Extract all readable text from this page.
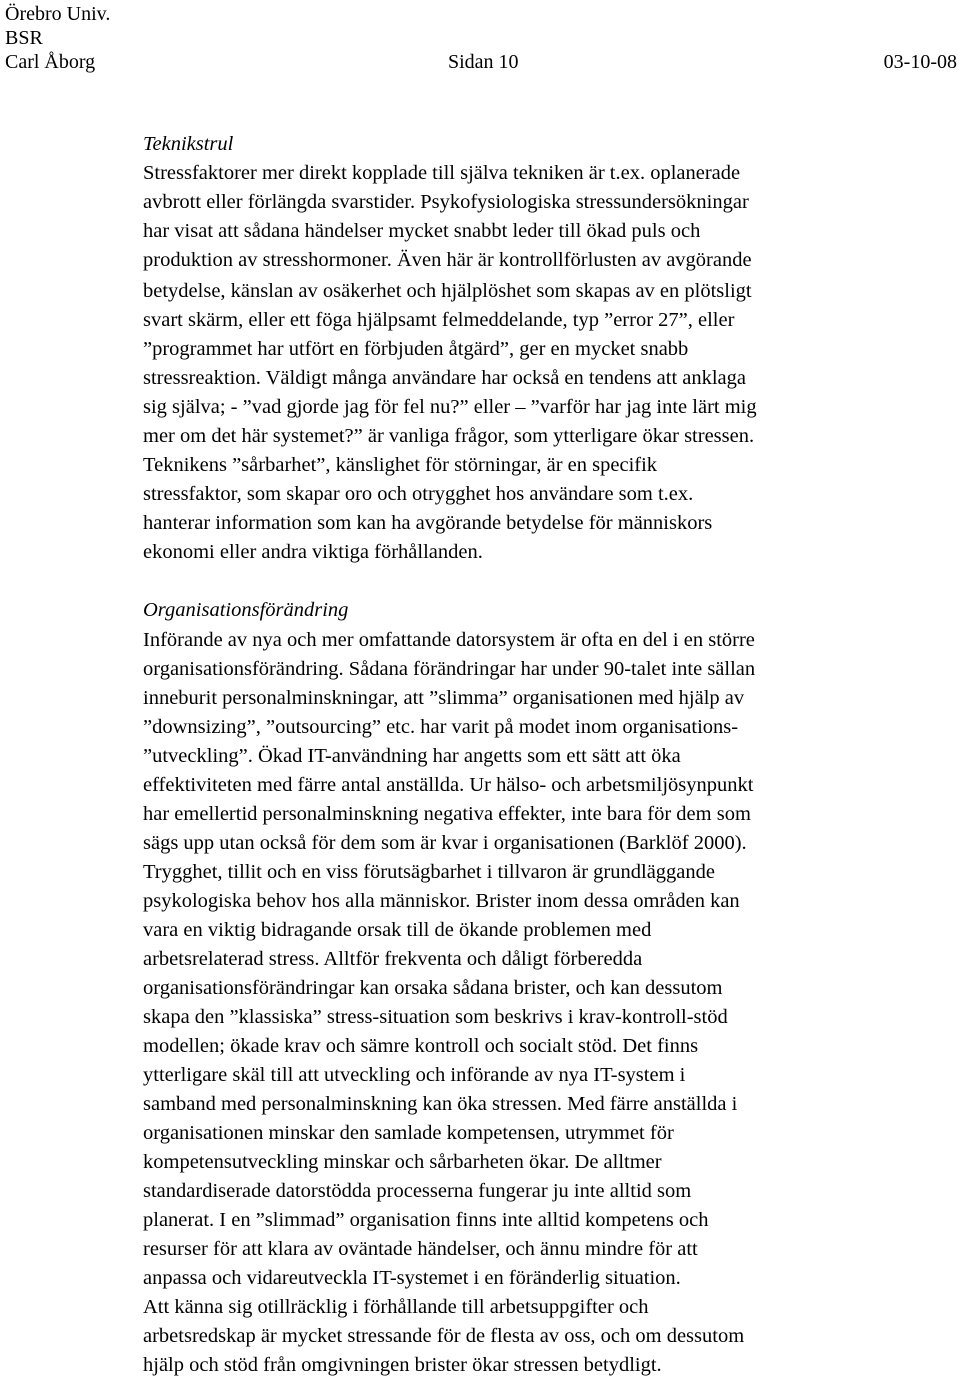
Örebro Univ.
BSR
Carl Åborg	Sidan 10	03-10-08
Teknikstrul
Stressfaktorer mer direkt kopplade till själva tekniken är t.ex. oplanerade
avbrott eller förlängda svarstider. Psykofysiologiska stressundersökningar
har visat att sådana händelser mycket snabbt leder till ökad puls och
produktion av stresshormoner. Även här är kontrollförlusten av avgörande
betydelse, känslan av osäkerhet och hjälplöshet som skapas av en plötsligt
svart skärm, eller ett föga hjälpsamt felmeddelande, typ ”error 27”, eller
”programmet har utfört en förbjuden åtgärd”, ger en mycket snabb
stressreaktion. Väldigt många användare har också en tendens att anklaga
sig själva; - ”vad gjorde jag för fel nu?” eller – ”varför har jag inte lärt mig
mer om det här systemet?” är vanliga frågor, som ytterligare ökar stressen.
Teknikens ”sårbarhet”, känslighet för störningar, är en specifik
stressfaktor, som skapar oro och otrygghet hos användare som t.ex.
hanterar information som kan ha avgörande betydelse för människors
ekonomi eller andra viktiga förhållanden.
Organisationsförändring
Införande av nya och mer omfattande datorsystem är ofta en del i en större
organisationsförändring. Sådana förändringar har under 90-talet inte sällan
inneburit personalminskningar, att ”slimma” organisationen med hjälp av
”downsizing”, ”outsourcing” etc. har varit på modet inom organisations-
”utveckling”. Ökad IT-användning har angetts som ett sätt att öka
effektiviteten med färre antal anställda. Ur hälso- och arbetsmiljösynpunkt
har emellertid personalminskning negativa effekter, inte bara för dem som
sägs upp utan också för dem som är kvar i organisationen (Barklöf 2000).
Trygghet, tillit och en viss förutsägbarhet i tillvaron är grundläggande
psykologiska behov hos alla människor. Brister inom dessa områden kan
vara en viktig bidragande orsak till de ökande problemen med
arbetsrelaterad stress. Alltför frekventa och dåligt förberedda
organisationsförändringar kan orsaka sådana brister, och kan dessutom
skapa den ”klassiska” stress-situation som beskrivs i krav-kontroll-stöd
modellen; ökade krav och sämre kontroll och socialt stöd. Det finns
ytterligare skäl till att utveckling och införande av nya IT-system i
samband med personalminskning kan öka stressen. Med färre anställda i
organisationen minskar den samlade kompetensen, utrymmet för
kompetensutveckling minskar och sårbarheten ökar. De alltmer
standardiserade datorstödda processerna fungerar ju inte alltid som
planerat. I en ”slimmad” organisation finns inte alltid kompetens och
resurser för att klara av oväntade händelser, och ännu mindre för att
anpassa och vidareutveckla IT-systemet i en föränderlig situation.
Att känna sig otillräcklig i förhållande till arbetsuppgifter och
arbetsredskap är mycket stressande för de flesta av oss, och om dessutom
hjälp och stöd från omgivningen brister ökar stressen betydligt.
